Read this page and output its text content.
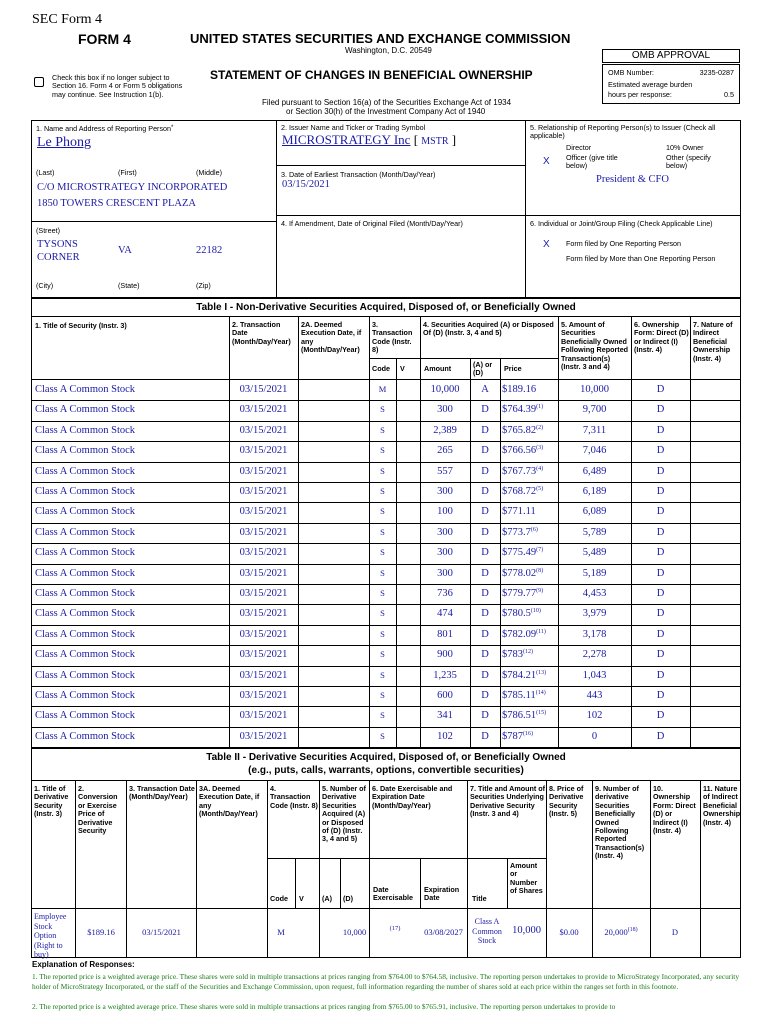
SEC Form 4
FORM 4	UNITED STATES SECURITIES AND EXCHANGE COMMISSION
Washington, D.C. 20549
STATEMENT OF CHANGES IN BENEFICIAL OWNERSHIP
Check this box if no longer subject to Section 16. Form 4 or Form 5 obligations may continue. See Instruction 1(b).
Filed pursuant to Section 16(a) of the Securities Exchange Act of 1934
or Section 30(h) of the Investment Company Act of 1940
OMB APPROVAL
OMB Number:	3235-0287
Estimated average burden
hours per response:	0.5
1. Name and Address of Reporting Person*
Le Phong
(Last)	(First)	(Middle)
C/O MICROSTRATEGY INCORPORATED
1850 TOWERS CRESCENT PLAZA
(Street)
TYSONS CORNER
VA	22182
(City)	(State)	(Zip)
2. Issuer Name and Ticker or Trading Symbol
MICROSTRATEGY Inc [ MSTR ]
3. Date of Earliest Transaction (Month/Day/Year)
03/15/2021
4. If Amendment, Date of Original Filed (Month/Day/Year)
5. Relationship of Reporting Person(s) to Issuer (Check all applicable)
Director	10% Owner
X Officer (give title below)
Other (specify below)
President & CFO
6. Individual or Joint/Group Filing (Check Applicable Line)
X Form filed by One Reporting Person
Form filed by More than One Reporting Person
Table I - Non-Derivative Securities Acquired, Disposed of, or Beneficially Owned
1. Title of Security (Instr. 3)	2. Transaction Date (Month/Day/Year)
2A. Deemed Execution Date, if any (Month/Day/Year)
3. Transaction Code (Instr. 8)
4. Securities Acquired (A) or Disposed Of (D) (Instr. 3, 4 and 5)
5. Amount of Securities Beneficially Owned Following Reported Transaction(s) (Instr. 3 and 4)
6. Ownership Form: Direct (D) or Indirect (I) (Instr. 4)
7. Nature of Indirect Beneficial Ownership (Instr. 4)
Code V	Amount	(A) or (D)	Price
Class A Common Stock	03/15/2021	M	10,000	A	$189.16	10,000	D
Class A Common Stock	03/15/2021	S	300	D	$764.39$^{(1)}$	9,700	D
Class A Common Stock	03/15/2021	S	2,389	D	$765.82$^{(2)}$	7,311	D
Class A Common Stock	03/15/2021	S	265	D	$766.56$^{(3)}$	7,046	D
Class A Common Stock	03/15/2021	S	557	D	$767.73$^{(4)}$	6,489	D
Class A Common Stock	03/15/2021	S	300	D	$768.72$^{(5)}$	6,189	D
Class A Common Stock	03/15/2021	S	100	D	$771.11	6,089	D
Class A Common Stock	03/15/2021	S	300	D	$773.7$^{(6)}$	5,789	D
Class A Common Stock	03/15/2021	S	300	D	$775.49$^{(7)}$	5,489	D
Class A Common Stock	03/15/2021	S	300	D	$778.02$^{(8)}$	5,189	D
Class A Common Stock	03/15/2021	S	736	D	$779.77$^{(9)}$	4,453	D
Class A Common Stock	03/15/2021	S	474	D	$780.5$^{(10)}$	3,979	D
Class A Common Stock	03/15/2021	S	801	D	$782.09$^{(11)}$	3,178	D
Class A Common Stock	03/15/2021	S	900	D	$783$^{(12)}$	2,278	D
Class A Common Stock	03/15/2021	S	1,235	D	$784.21$^{(13)}$	1,043	D
Class A Common Stock	03/15/2021	S	600	D	$785.11$^{(14)}$	443	D
Class A Common Stock	03/15/2021	S	341	D	$786.51$^{(15)}$	102	D
Class A Common Stock	03/15/2021	S	102	D	$787$^{(16)}$	0	D
Table II - Derivative Securities Acquired, Disposed of, or Beneficially Owned
(e.g., puts, calls, warrants, options, convertible securities)
1. Title of Derivative Security (Instr. 3)
2. Conversion or Exercise Price of Derivative Security
3. Transaction Date (Month/Day/Year)
3A. Deemed Execution Date, if any (Month/Day/Year)
4. Transaction Code (Instr. 8)
5. Number of Derivative Securities Acquired (A) or Disposed of (D) (Instr. 3, 4 and 5)
6. Date Exercisable and Expiration Date (Month/Day/Year)
7. Title and Amount of Securities Underlying Derivative Security (Instr. 3 and 4)
8. Price of Derivative Security (Instr. 5)
9. Number of derivative Securities Beneficially Owned Following Reported Transaction(s) (Instr. 4)
10. Ownership Form: Direct (D) or Indirect (I) (Instr. 4)
11. Nature of Indirect Beneficial Ownership (Instr. 4)
Code V	(A) (D)
Date Exercisable
Expiration Date	Title
Amount or Number of Shares
Employee Stock Option (Right to buy)
$189.16	03/15/2021	M	10,000	(17)	03/08/2027
Class A Common Stock
10,000	$0.00	20,000$^{(18)}$	D
Explanation of Responses:
1. The reported price is a weighted average price. These shares were sold in multiple transactions at prices ranging from $764.00 to $764.58, inclusive. The reporting person undertakes to provide to MicroStrategy Incorporated, any security holder of MicroStrategy Incorporated, or the staff of the Securities and Exchange Commission, upon request, full information regarding the number of shares sold at each price within the ranges set forth in this footnote.
2. The reported price is a weighted average price. These shares were sold in multiple transactions at prices ranging from $765.00 to $765.91, inclusive. The reporting person undertakes to provide to
